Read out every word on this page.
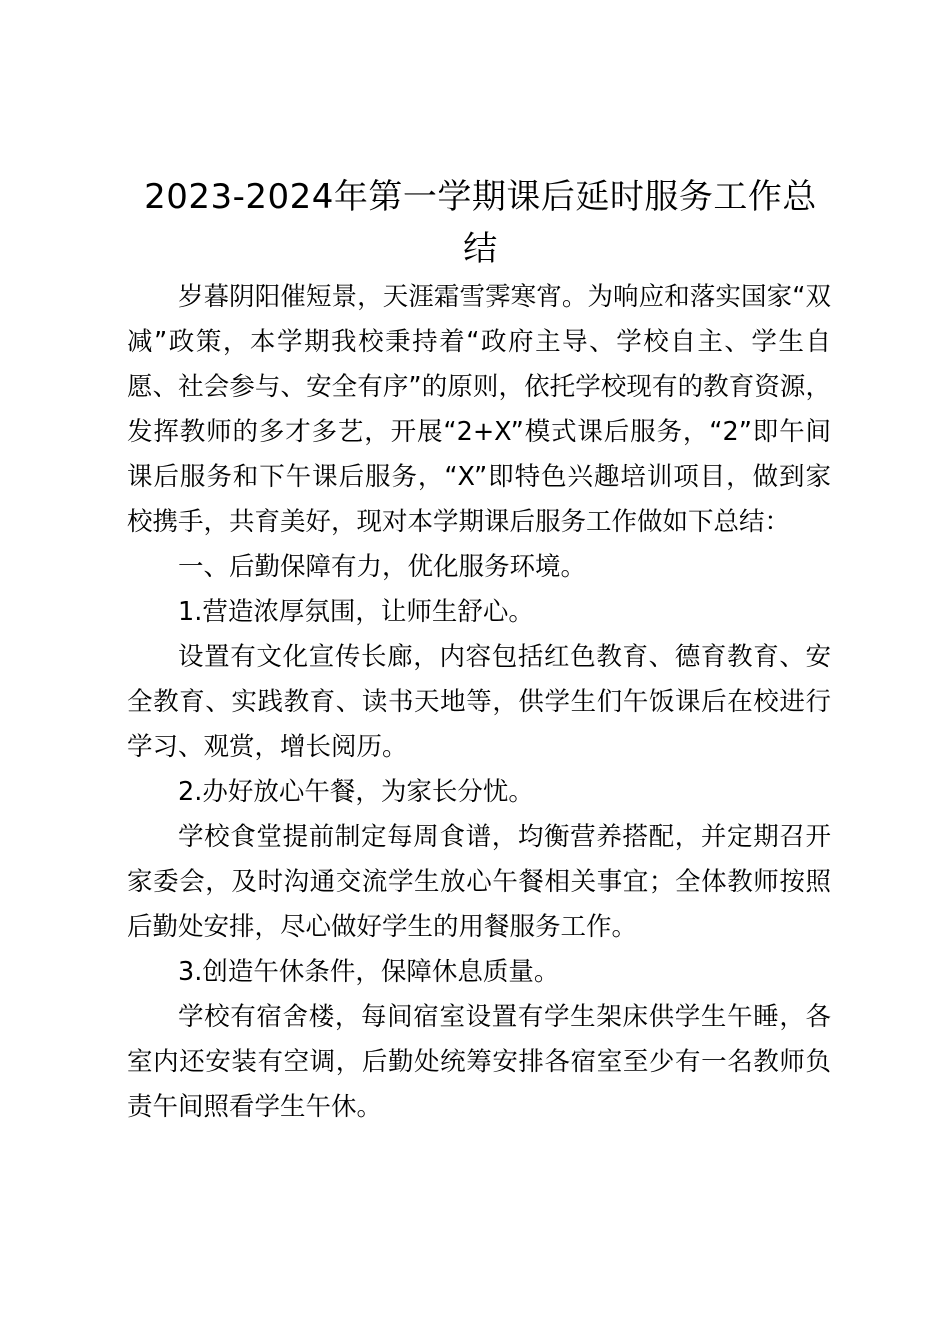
2023-2024年第一学期课后延时服务工作总结

岁暮阴阳催短景，天涯霜雪霁寒宵。为响应和落实国家“双减”政策，本学期我校秉持着“政府主导、学校自主、学生自愿、社会参与、安全有序”的原则，依托学校现有的教育资源，发挥教师的多才多艺，开展“2+X”模式课后服务，“2”即午间课后服务和下午课后服务，“X”即特色兴趣培训项目，做到家校携手，共育美好，现对本学期课后服务工作做如下总结：

一、后勤保障有力，优化服务环境。

1.营造浓厚氛围，让师生舒心。

设置有文化宣传长廊，内容包括红色教育、德育教育、安全教育、实践教育、读书天地等，供学生们午饭课后在校进行学习、观赏，增长阅历。

2.办好放心午餐，为家长分忧。

学校食堂提前制定每周食谱，均衡营养搭配，并定期召开家委会，及时沟通交流学生放心午餐相关事宜；全体教师按照后勤处安排，尽心做好学生的用餐服务工作。

3.创造午休条件，保障休息质量。

学校有宿舍楼，每间宿室设置有学生架床供学生午睡，各室内还安装有空调，后勤处统筹安排各宿室至少有一名教师负责午间照看学生午休。
